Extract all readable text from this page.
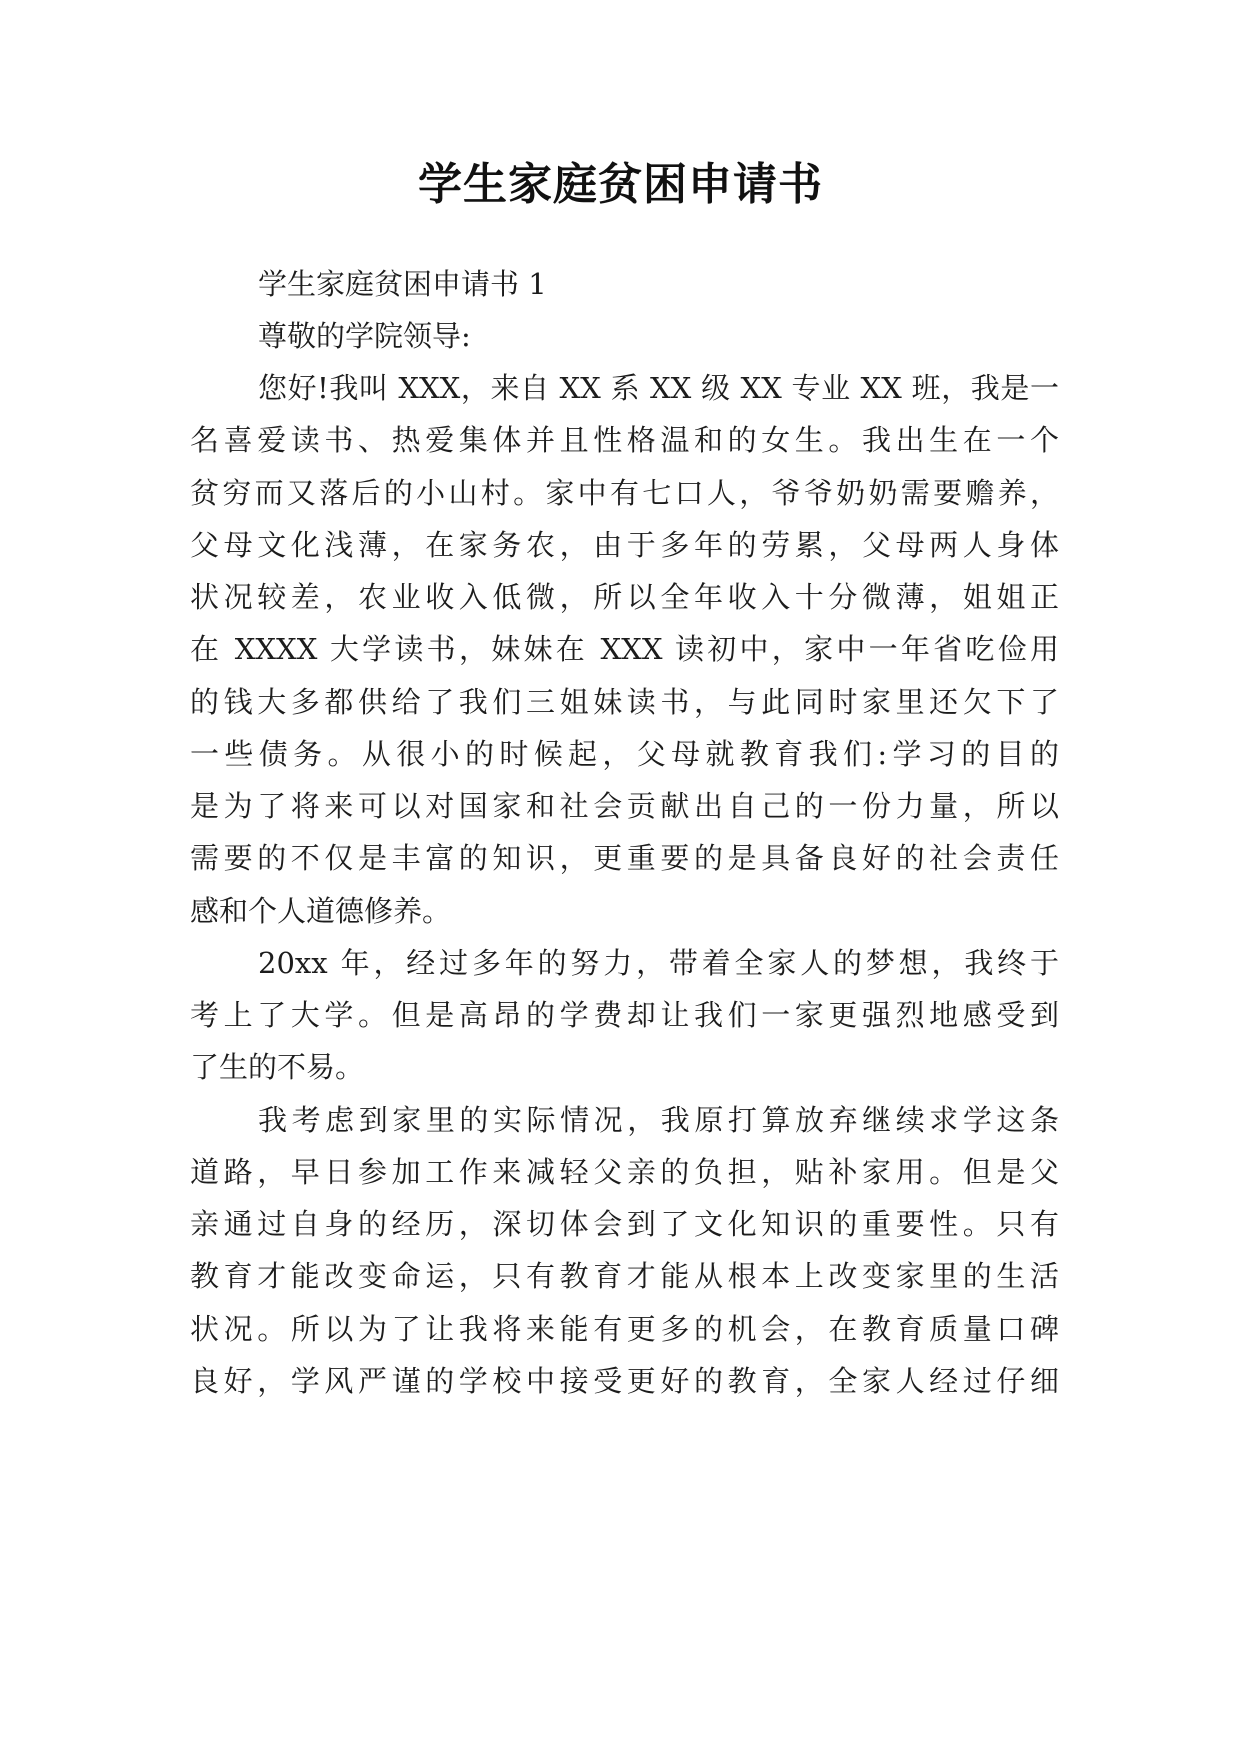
学生家庭贫困申请书
学生家庭贫困申请书 1
尊敬的学院领导:
您好!我叫 XXX，来自 XX 系 XX 级 XX 专业 XX 班，我是一
名喜爱读书、热爱集体并且性格温和的女生。我出生在一个
贫穷而又落后的小山村。家中有七口人，爷爷奶奶需要赡养，
父母文化浅薄，在家务农，由于多年的劳累，父母两人身体
状况较差，农业收入低微，所以全年收入十分微薄，姐姐正
在 XXXX 大学读书，妹妹在 XXX 读初中，家中一年省吃俭用
的钱大多都供给了我们三姐妹读书，与此同时家里还欠下了
一些债务。从很小的时候起，父母就教育我们:学习的目的
是为了将来可以对国家和社会贡献出自己的一份力量，所以
需要的不仅是丰富的知识，更重要的是具备良好的社会责任
感和个人道德修养。
20xx 年，经过多年的努力，带着全家人的梦想，我终于
考上了大学。但是高昂的学费却让我们一家更强烈地感受到
了生的不易。
我考虑到家里的实际情况，我原打算放弃继续求学这条
道路，早日参加工作来减轻父亲的负担，贴补家用。但是父
亲通过自身的经历，深切体会到了文化知识的重要性。只有
教育才能改变命运，只有教育才能从根本上改变家里的生活
状况。所以为了让我将来能有更多的机会，在教育质量口碑
良好，学风严谨的学校中接受更好的教育，全家人经过仔细
